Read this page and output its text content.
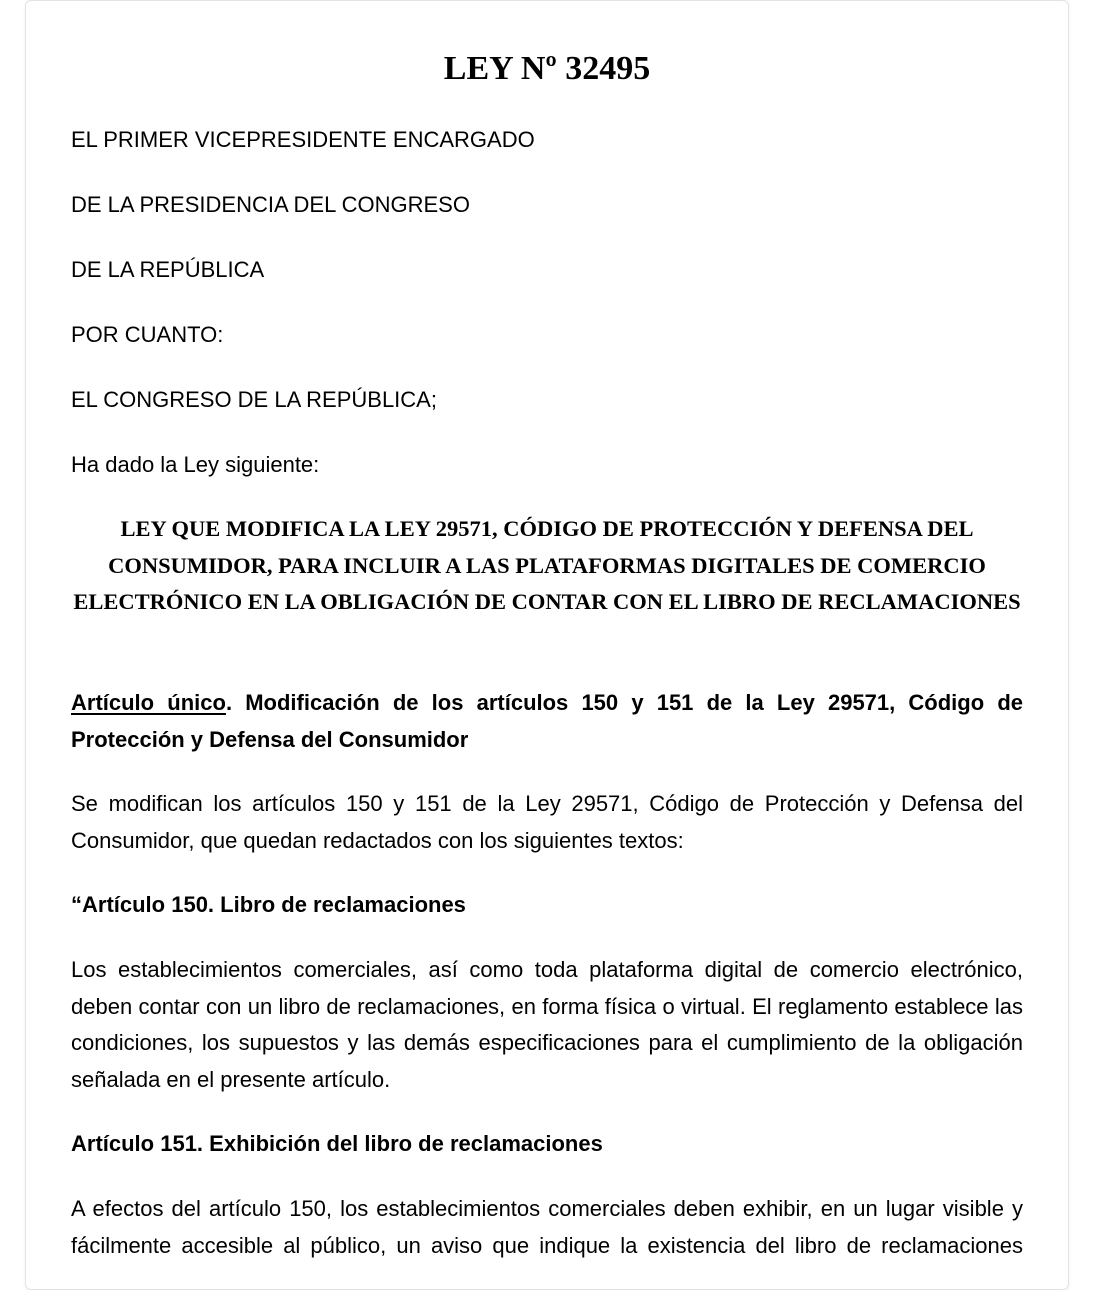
LEY Nº 32495

EL PRIMER VICEPRESIDENTE ENCARGADO

DE LA PRESIDENCIA DEL CONGRESO

DE LA REPÚBLICA

POR CUANTO:

EL CONGRESO DE LA REPÚBLICA;

Ha dado la Ley siguiente:

LEY QUE MODIFICA LA LEY 29571, CÓDIGO DE PROTECCIÓN Y DEFENSA DEL CONSUMIDOR, PARA INCLUIR A LAS PLATAFORMAS DIGITALES DE COMERCIO ELECTRÓNICO EN LA OBLIGACIÓN DE CONTAR CON EL LIBRO DE RECLAMACIONES

Artículo único. Modificación de los artículos 150 y 151 de la Ley 29571, Código de Protección y Defensa del Consumidor

Se modifican los artículos 150 y 151 de la Ley 29571, Código de Protección y Defensa del Consumidor, que quedan redactados con los siguientes textos:

“Artículo 150. Libro de reclamaciones

Los establecimientos comerciales, así como toda plataforma digital de comercio electrónico, deben contar con un libro de reclamaciones, en forma física o virtual. El reglamento establece las condiciones, los supuestos y las demás especificaciones para el cumplimiento de la obligación señalada en el presente artículo.

Artículo 151. Exhibición del libro de reclamaciones

A efectos del artículo 150, los establecimientos comerciales deben exhibir, en un lugar visible y fácilmente accesible al público, un aviso que indique la existencia del libro de reclamaciones
